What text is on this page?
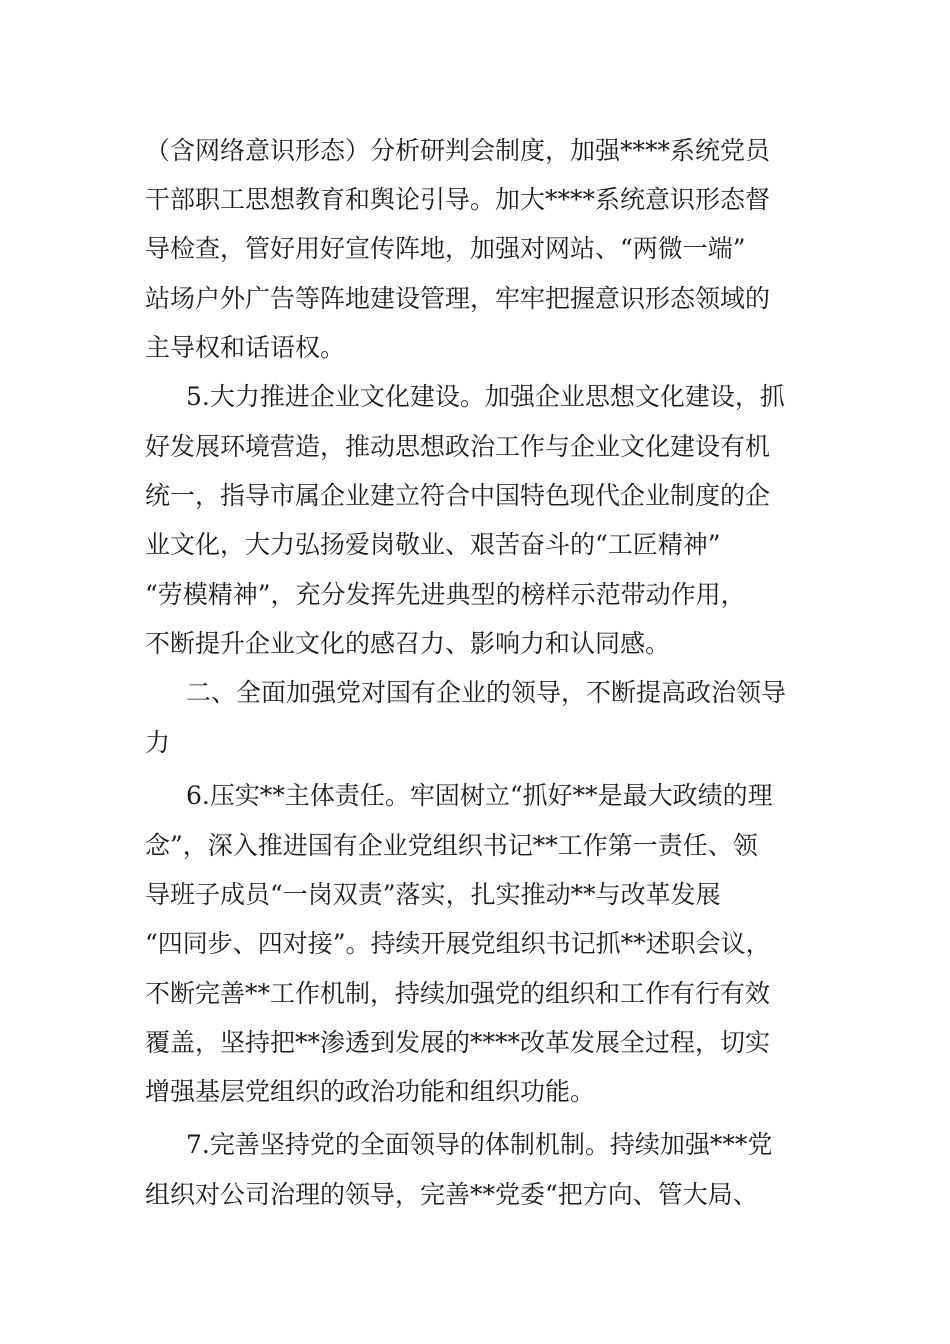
（含网络意识形态）分析研判会制度，加强****系统党员
干部职工思想教育和舆论引导。加大****系统意识形态督
导检查，管好用好宣传阵地，加强对网站、“两微一端”
站场户外广告等阵地建设管理，牢牢把握意识形态领域的
主导权和话语权。
5.大力推进企业文化建设。加强企业思想文化建设，抓
好发展环境营造，推动思想政治工作与企业文化建设有机
统一，指导市属企业建立符合中国特色现代企业制度的企
业文化，大力弘扬爱岗敬业、艰苦奋斗的“工匠精神”
“劳模精神”，充分发挥先进典型的榜样示范带动作用，
不断提升企业文化的感召力、影响力和认同感。
二、全面加强党对国有企业的领导，不断提高政治领导
力
6.压实**主体责任。牢固树立“抓好**是最大政绩的理
念”，深入推进国有企业党组织书记**工作第一责任、领
导班子成员“一岗双责”落实，扎实推动**与改革发展
“四同步、四对接”。持续开展党组织书记抓**述职会议，
不断完善**工作机制，持续加强党的组织和工作有行有效
覆盖，坚持把**渗透到发展的****改革发展全过程，切实
增强基层党组织的政治功能和组织功能。
7.完善坚持党的全面领导的体制机制。持续加强***党
组织对公司治理的领导，完善**党委“把方向、管大局、
